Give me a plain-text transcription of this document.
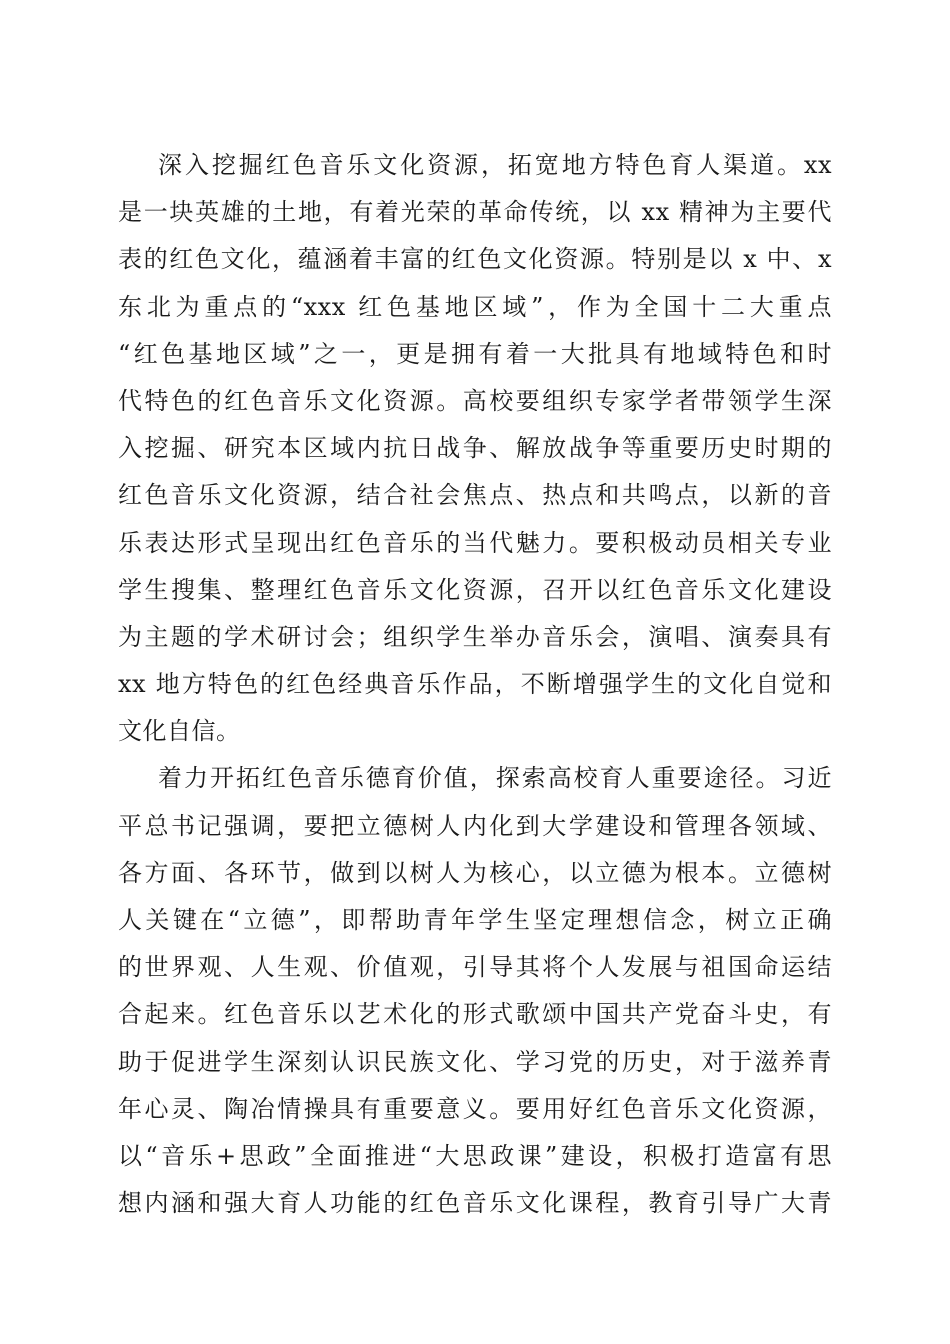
深入挖掘红色音乐文化资源，拓宽地方特色育人渠道。xx
是一块英雄的土地，有着光荣的革命传统，以 xx 精神为主要代
表的红色文化，蕴涵着丰富的红色文化资源。特别是以 x 中、x
东北为重点的“xxx 红色基地区域”，作为全国十二大重点
“红色基地区域”之一，更是拥有着一大批具有地域特色和时
代特色的红色音乐文化资源。高校要组织专家学者带领学生深
入挖掘、研究本区域内抗日战争、解放战争等重要历史时期的
红色音乐文化资源，结合社会焦点、热点和共鸣点，以新的音
乐表达形式呈现出红色音乐的当代魅力。要积极动员相关专业
学生搜集、整理红色音乐文化资源，召开以红色音乐文化建设
为主题的学术研讨会；组织学生举办音乐会，演唱、演奏具有
xx 地方特色的红色经典音乐作品，不断增强学生的文化自觉和
文化自信。
着力开拓红色音乐德育价值，探索高校育人重要途径。习近
平总书记强调，要把立德树人内化到大学建设和管理各领域、
各方面、各环节，做到以树人为核心，以立德为根本。立德树
人关键在“立德”，即帮助青年学生坚定理想信念，树立正确
的世界观、人生观、价值观，引导其将个人发展与祖国命运结
合起来。红色音乐以艺术化的形式歌颂中国共产党奋斗史，有
助于促进学生深刻认识民族文化、学习党的历史，对于滋养青
年心灵、陶冶情操具有重要意义。要用好红色音乐文化资源，
以“音乐+思政”全面推进“大思政课”建设，积极打造富有思
想内涵和强大育人功能的红色音乐文化课程，教育引导广大青
